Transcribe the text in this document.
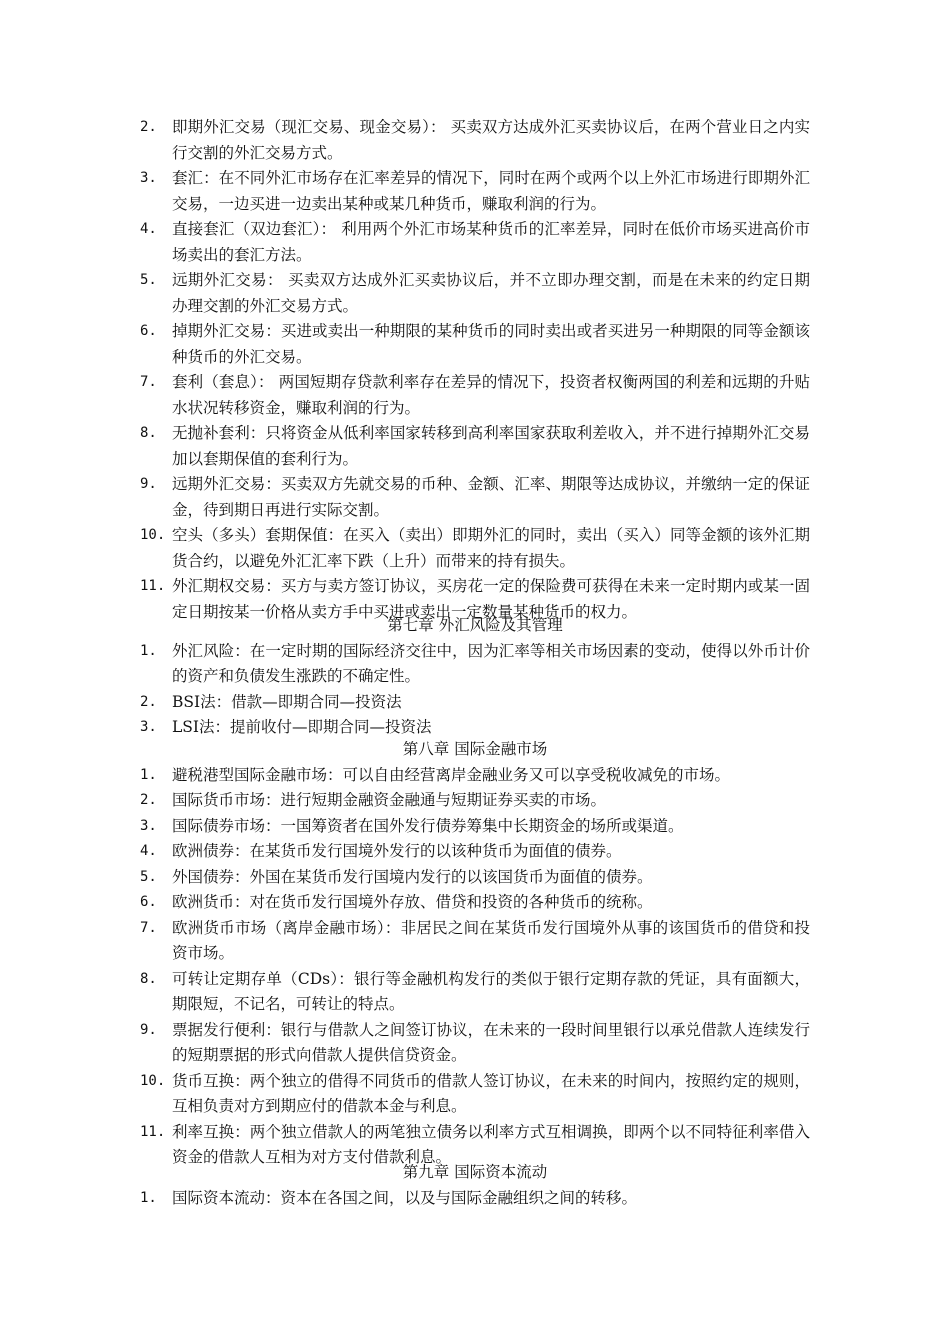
2. 即期外汇交易（现汇交易、现金交易）： 买卖双方达成外汇买卖协议后，在两个营业日之内实行交割的外汇交易方式。
3. 套汇：在不同外汇市场存在汇率差异的情况下，同时在两个或两个以上外汇市场进行即期外汇交易，一边买进一边卖出某种或某几种货币，赚取利润的行为。
4. 直接套汇（双边套汇）： 利用两个外汇市场某种货币的汇率差异，同时在低价市场买进高价市场卖出的套汇方法。
5. 远期外汇交易： 买卖双方达成外汇买卖协议后，并不立即办理交割，而是在未来的约定日期办理交割的外汇交易方式。
6. 掉期外汇交易：买进或卖出一种期限的某种货币的同时卖出或者买进另一种期限的同等金额该种货币的外汇交易。
7. 套利（套息）： 两国短期存贷款利率存在差异的情况下，投资者权衡两国的利差和远期的升贴水状况转移资金，赚取利润的行为。
8. 无抛补套利：只将资金从低利率国家转移到高利率国家获取利差收入，并不进行掉期外汇交易加以套期保值的套利行为。
9. 远期外汇交易：买卖双方先就交易的币种、金额、汇率、期限等达成协议，并缴纳一定的保证金，待到期日再进行实际交割。
10. 空头（多头）套期保值：在买入（卖出）即期外汇的同时，卖出（买入）同等金额的该外汇期货合约，以避免外汇汇率下跌（上升）而带来的持有损失。
11. 外汇期权交易：买方与卖方签订协议，买房花一定的保险费可获得在未来一定时期内或某一固定日期按某一价格从卖方手中买进或卖出一定数量某种货币的权力。
第七章 外汇风险及其管理
1. 外汇风险：在一定时期的国际经济交往中，因为汇率等相关市场因素的变动，使得以外币计价的资产和负债发生涨跌的不确定性。
2. BSI法：借款—即期合同—投资法
3. LSI法：提前收付—即期合同—投资法
第八章 国际金融市场
1. 避税港型国际金融市场：可以自由经营离岸金融业务又可以享受税收减免的市场。
2. 国际货币市场：进行短期金融资金融通与短期证券买卖的市场。
3. 国际债券市场：一国筹资者在国外发行债券筹集中长期资金的场所或渠道。
4. 欧洲债券：在某货币发行国境外发行的以该种货币为面值的债券。
5. 外国债券：外国在某货币发行国境内发行的以该国货币为面值的债券。
6. 欧洲货币：对在货币发行国境外存放、借贷和投资的各种货币的统称。
7. 欧洲货币市场（离岸金融市场）：非居民之间在某货币发行国境外从事的该国货币的借贷和投资市场。
8. 可转让定期存单（CDs）：银行等金融机构发行的类似于银行定期存款的凭证，具有面额大，期限短，不记名，可转让的特点。
9. 票据发行便利：银行与借款人之间签订协议，在未来的一段时间里银行以承兑借款人连续发行的短期票据的形式向借款人提供信贷资金。
10. 货币互换：两个独立的借得不同货币的借款人签订协议，在未来的时间内，按照约定的规则，互相负责对方到期应付的借款本金与利息。
11. 利率互换：两个独立借款人的两笔独立债务以利率方式互相调换，即两个以不同特征利率借入资金的借款人互相为对方支付借款利息。
第九章 国际资本流动
1. 国际资本流动：资本在各国之间，以及与国际金融组织之间的转移。
